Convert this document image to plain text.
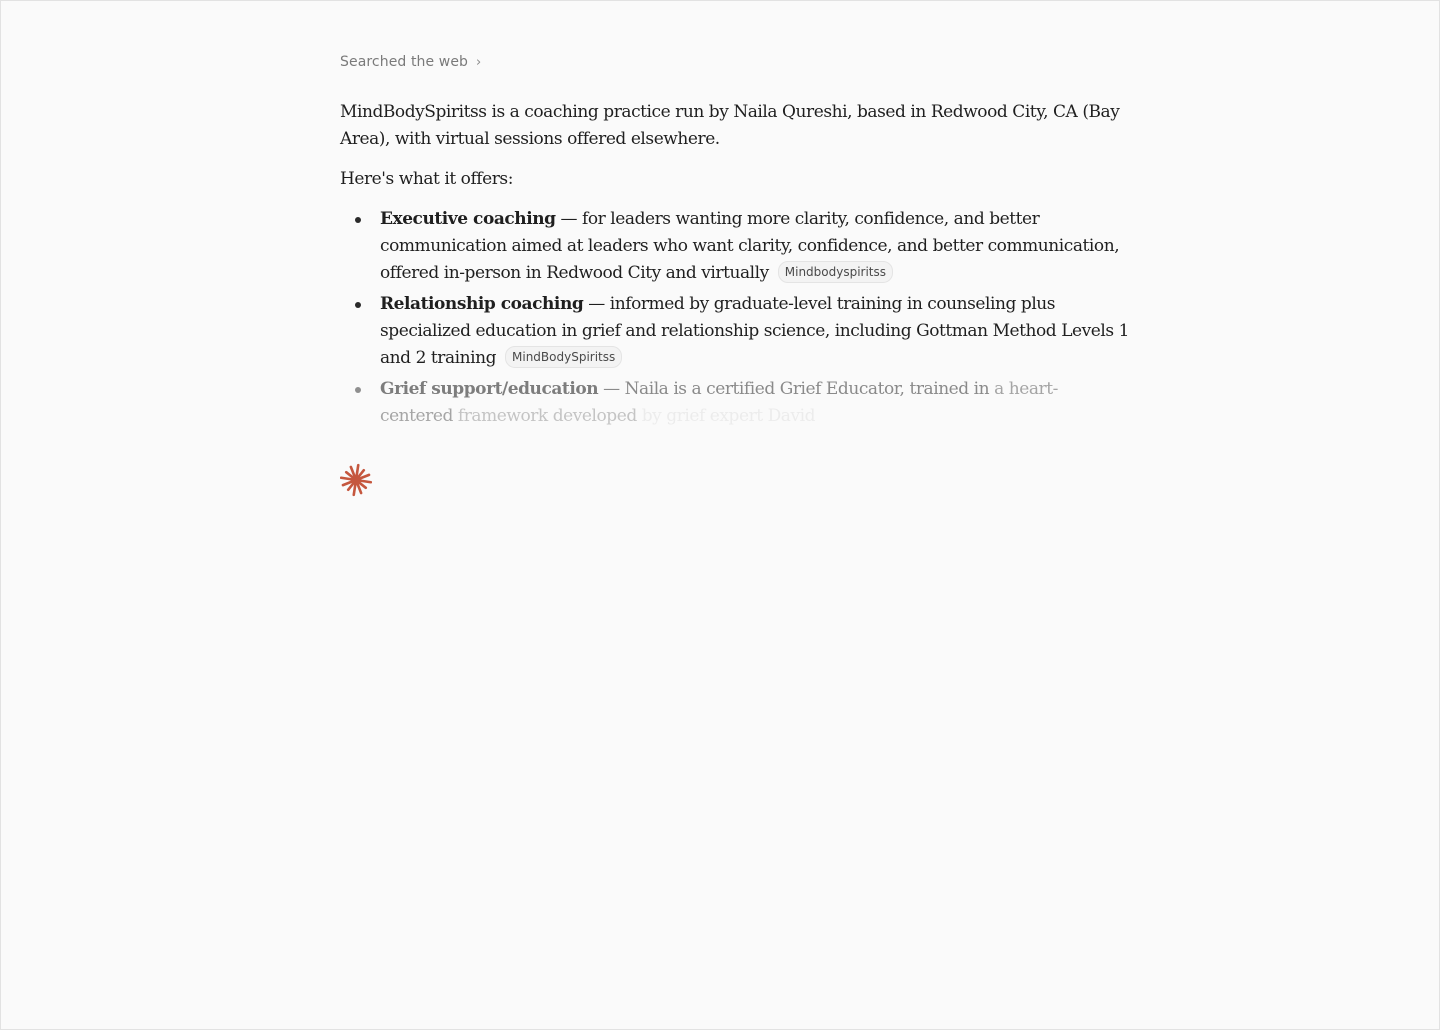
Searched the web ›

MindBodySpiritss is a coaching practice run by Naila Qureshi, based in Redwood City, CA (Bay Area), with virtual sessions offered elsewhere.

Here's what it offers:

Executive coaching — for leaders wanting more clarity, confidence, and better communication aimed at leaders who want clarity, confidence, and better communication, offered in-person in Redwood City and virtually Mindbodyspiritss
Relationship coaching — informed by graduate-level training in counseling plus specialized education in grief and relationship science, including Gottman Method Levels 1 and 2 training MindBodySpiritss
Grief support/education — Naila is a certified Grief Educator, trained in a heart-centered framework developed by grief expert David
